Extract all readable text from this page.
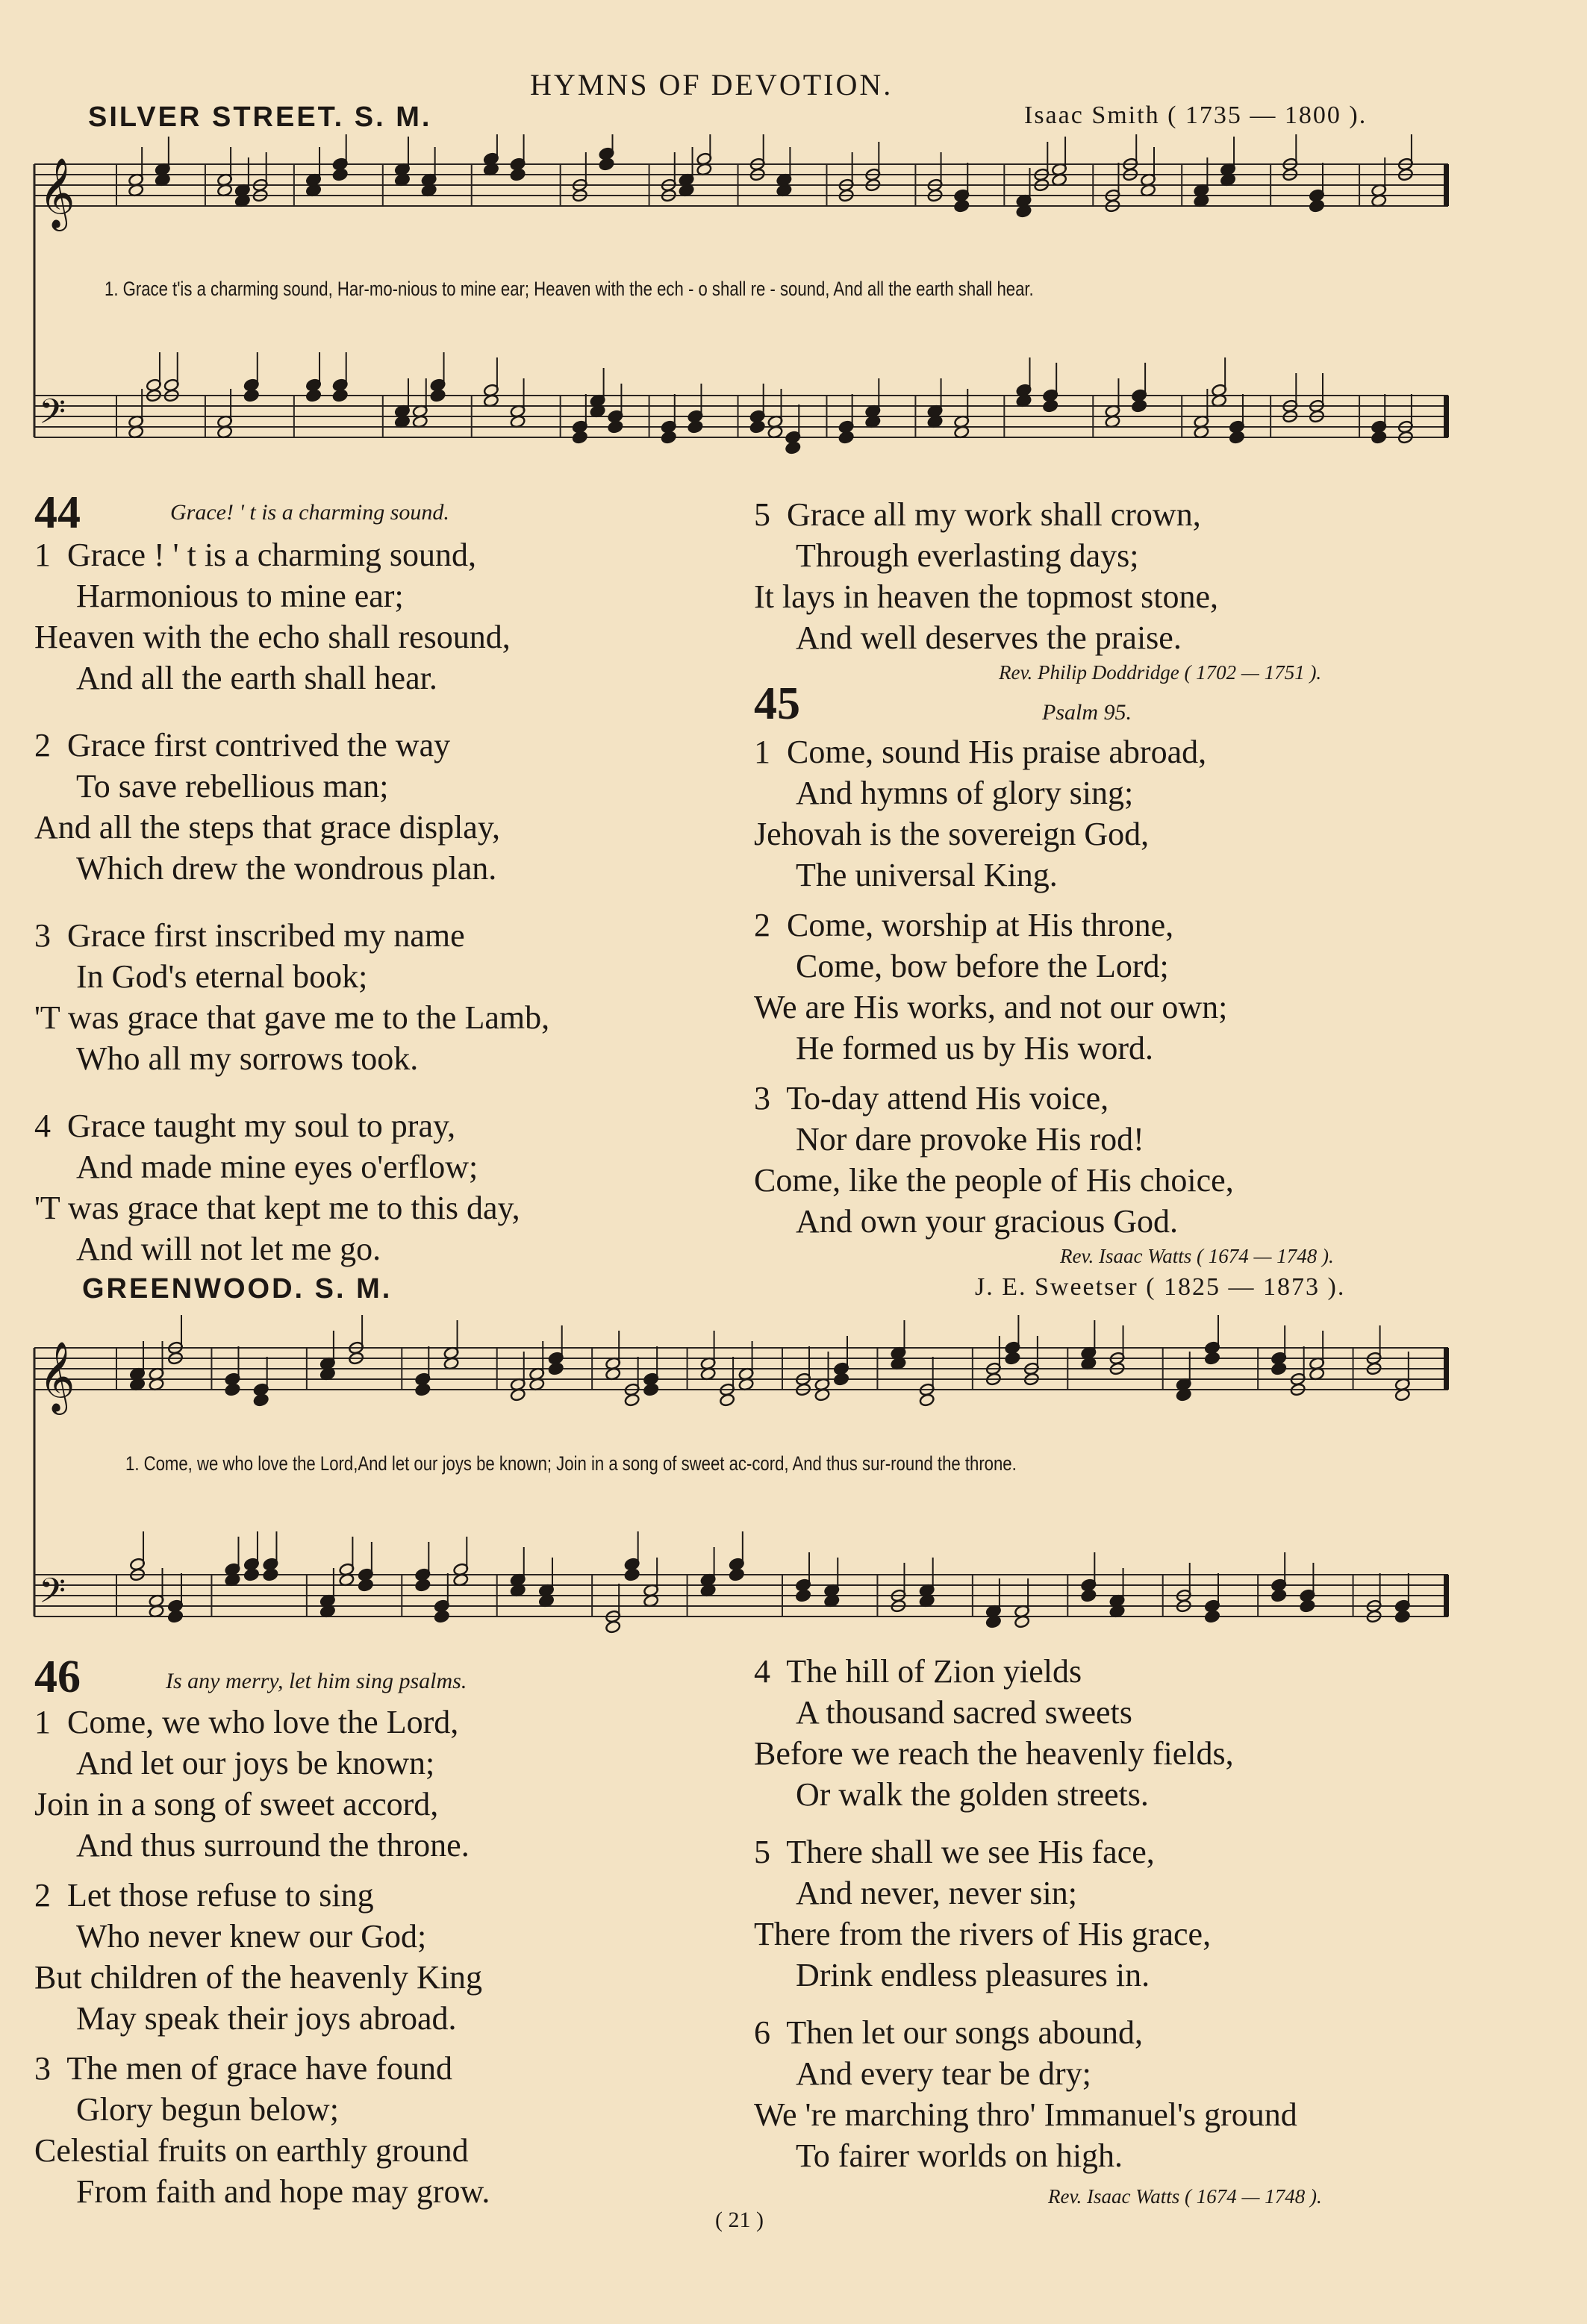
HYMNS OF DEVOTION.
SILVER STREET. S. M.	Isaac Smith ( 1735 — 1800 ).
𝄞
𝄢
1. Grace t'is a charming sound, Har-mo-nious to mine ear; Heaven with the ech - o shall re - sound, And all the earth shall hear.
44	Grace! ' t is a charming sound.
1 Grace ! ' t is a charming sound,
Harmonious to mine ear;
Heaven with the echo shall resound,
And all the earth shall hear.
2 Grace first contrived the way
To save rebellious man;
And all the steps that grace display,
Which drew the wondrous plan.
3 Grace first inscribed my name
In God's eternal book;
'T was grace that gave me to the Lamb,
Who all my sorrows took.
4 Grace taught my soul to pray,
And made mine eyes o'erflow;
'T was grace that kept me to this day,
And will not let me go.
5 Grace all my work shall crown,
Through everlasting days;
It lays in heaven the topmost stone,
And well deserves the praise.
Rev. Philip Doddridge ( 1702 — 1751 ).
45	Psalm 95.
1 Come, sound His praise abroad,
And hymns of glory sing;
Jehovah is the sovereign God,
The universal King.
2 Come, worship at His throne,
Come, bow before the Lord;
We are His works, and not our own;
He formed us by His word.
3 To-day attend His voice,
Nor dare provoke His rod!
Come, like the people of His choice,
And own your gracious God.
Rev. Isaac Watts ( 1674 — 1748 ).
GREENWOOD. S. M.	J. E. Sweetser ( 1825 — 1873 ).
𝄞
𝄢
1. Come, we who love the Lord,And let our joys be known; Join in a song of sweet ac-cord, And thus sur-round the throne.
46	Is any merry, let him sing psalms.
1 Come, we who love the Lord,
And let our joys be known;
Join in a song of sweet accord,
And thus surround the throne.
2 Let those refuse to sing
Who never knew our God;
But children of the heavenly King
May speak their joys abroad.
3 The men of grace have found
Glory begun below;
Celestial fruits on earthly ground
From faith and hope may grow.
4 The hill of Zion yields
A thousand sacred sweets
Before we reach the heavenly fields,
Or walk the golden streets.
5 There shall we see His face,
And never, never sin;
There from the rivers of His grace,
Drink endless pleasures in.
6 Then let our songs abound,
And every tear be dry;
We 're marching thro' Immanuel's ground
To fairer worlds on high.
Rev. Isaac Watts ( 1674 — 1748 ).
( 21 )
